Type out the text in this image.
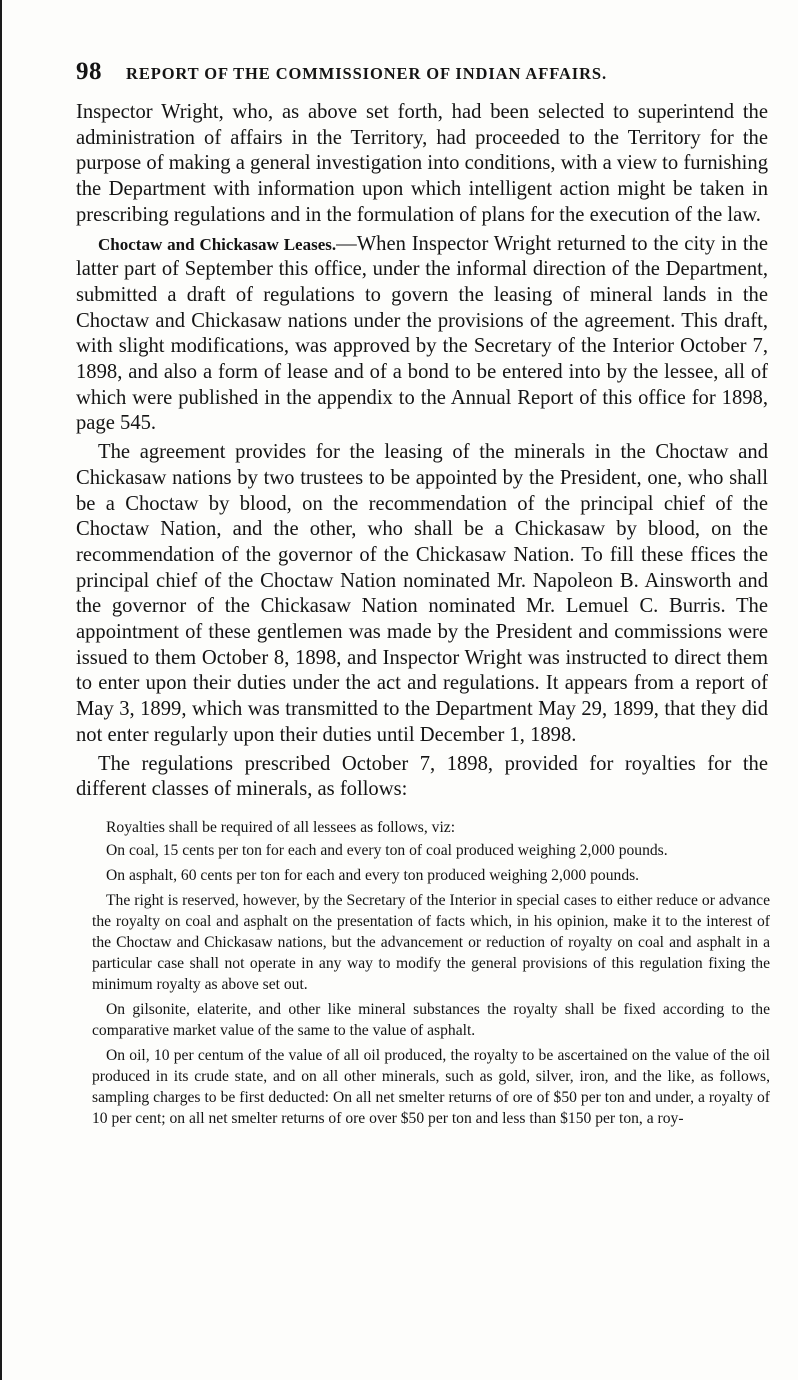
98 REPORT OF THE COMMISSIONER OF INDIAN AFFAIRS.

Inspector Wright, who, as above set forth, had been selected to superintend the administration of affairs in the Territory, had proceeded to the Territory for the purpose of making a general investigation into conditions, with a view to furnishing the Department with information upon which intelligent action might be taken in prescribing regulations and in the formulation of plans for the execution of the law.

Choctaw and Chickasaw Leases.—When Inspector Wright returned to the city in the latter part of September this office, under the informal direction of the Department, submitted a draft of regulations to govern the leasing of mineral lands in the Choctaw and Chickasaw nations under the provisions of the agreement. This draft, with slight modifications, was approved by the Secretary of the Interior October 7, 1898, and also a form of lease and of a bond to be entered into by the lessee, all of which were published in the appendix to the Annual Report of this office for 1898, page 545.

The agreement provides for the leasing of the minerals in the Choctaw and Chickasaw nations by two trustees to be appointed by the President, one, who shall be a Choctaw by blood, on the recommendation of the principal chief of the Choctaw Nation, and the other, who shall be a Chickasaw by blood, on the recommendation of the governor of the Chickasaw Nation. To fill these ffices the principal chief of the Choctaw Nation nominated Mr. Napoleon B. Ainsworth and the governor of the Chickasaw Nation nominated Mr. Lemuel C. Burris. The appointment of these gentlemen was made by the President and commissions were issued to them October 8, 1898, and Inspector Wright was instructed to direct them to enter upon their duties under the act and regulations. It appears from a report of May 3, 1899, which was transmitted to the Department May 29, 1899, that they did not enter regularly upon their duties until December 1, 1898.

The regulations prescribed October 7, 1898, provided for royalties for the different classes of minerals, as follows:

Royalties shall be required of all lessees as follows, viz:

On coal, 15 cents per ton for each and every ton of coal produced weighing 2,000 pounds.

On asphalt, 60 cents per ton for each and every ton produced weighing 2,000 pounds.

The right is reserved, however, by the Secretary of the Interior in special cases to either reduce or advance the royalty on coal and asphalt on the presentation of facts which, in his opinion, make it to the interest of the Choctaw and Chickasaw nations, but the advancement or reduction of royalty on coal and asphalt in a particular case shall not operate in any way to modify the general provisions of this regulation fixing the minimum royalty as above set out.

On gilsonite, elaterite, and other like mineral substances the royalty shall be fixed according to the comparative market value of the same to the value of asphalt.

On oil, 10 per centum of the value of all oil produced, the royalty to be ascertained on the value of the oil produced in its crude state, and on all other minerals, such as gold, silver, iron, and the like, as follows, sampling charges to be first deducted: On all net smelter returns of ore of $50 per ton and under, a royalty of 10 per cent; on all net smelter returns of ore over $50 per ton and less than $150 per ton, a roy-
